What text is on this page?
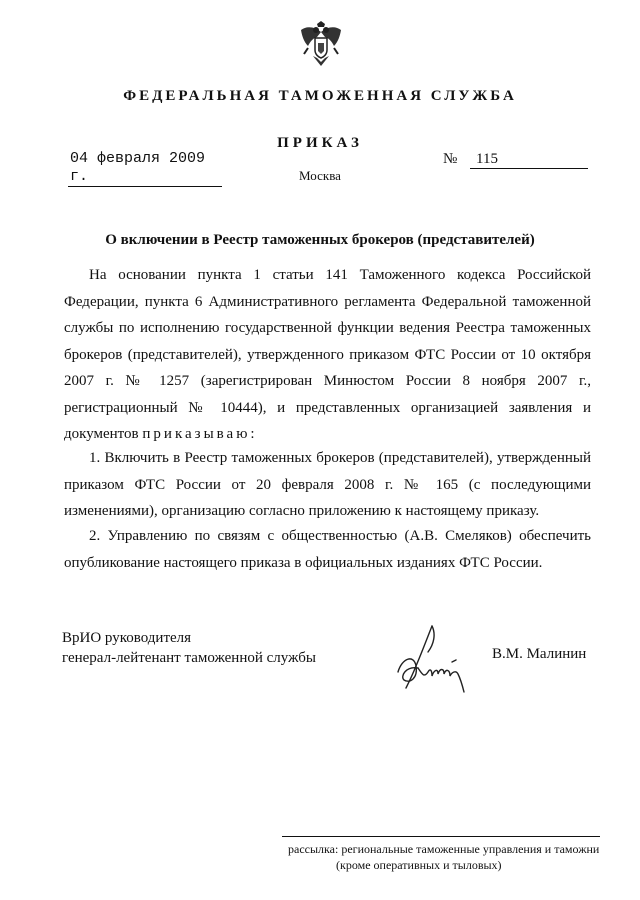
ФЕДЕРАЛЬНАЯ ТАМОЖЕННАЯ СЛУЖБА
ПРИКАЗ
04 февраля 2009 г.
№	115
Москва
О включении в Реестр таможенных брокеров (представителей)
На основании пункта 1 статьи 141 Таможенного кодекса Российской Федерации, пункта 6 Административного регламента Федеральной таможенной службы по исполнению государственной функции ведения Реестра таможенных брокеров (представителей), утвержденного приказом ФТС России от 10 октября 2007 г. № 1257 (зарегистрирован Минюстом России 8 ноября 2007 г., регистрационный № 10444), и представленных организацией заявления и документов приказываю:
1. Включить в Реестр таможенных брокеров (представителей), утвержденный приказом ФТС России от 20 февраля 2008 г. № 165 (с последующими изменениями), организацию согласно приложению к настоящему приказу.
2. Управлению по связям с общественностью (А.В. Смеляков) обеспечить опубликование настоящего приказа в официальных изданиях ФТС России.
ВрИО руководителя
генерал-лейтенант таможенной службы	В.М. Малинин
рассылка: региональные таможенные управления и таможни
(кроме оперативных и тыловых)
